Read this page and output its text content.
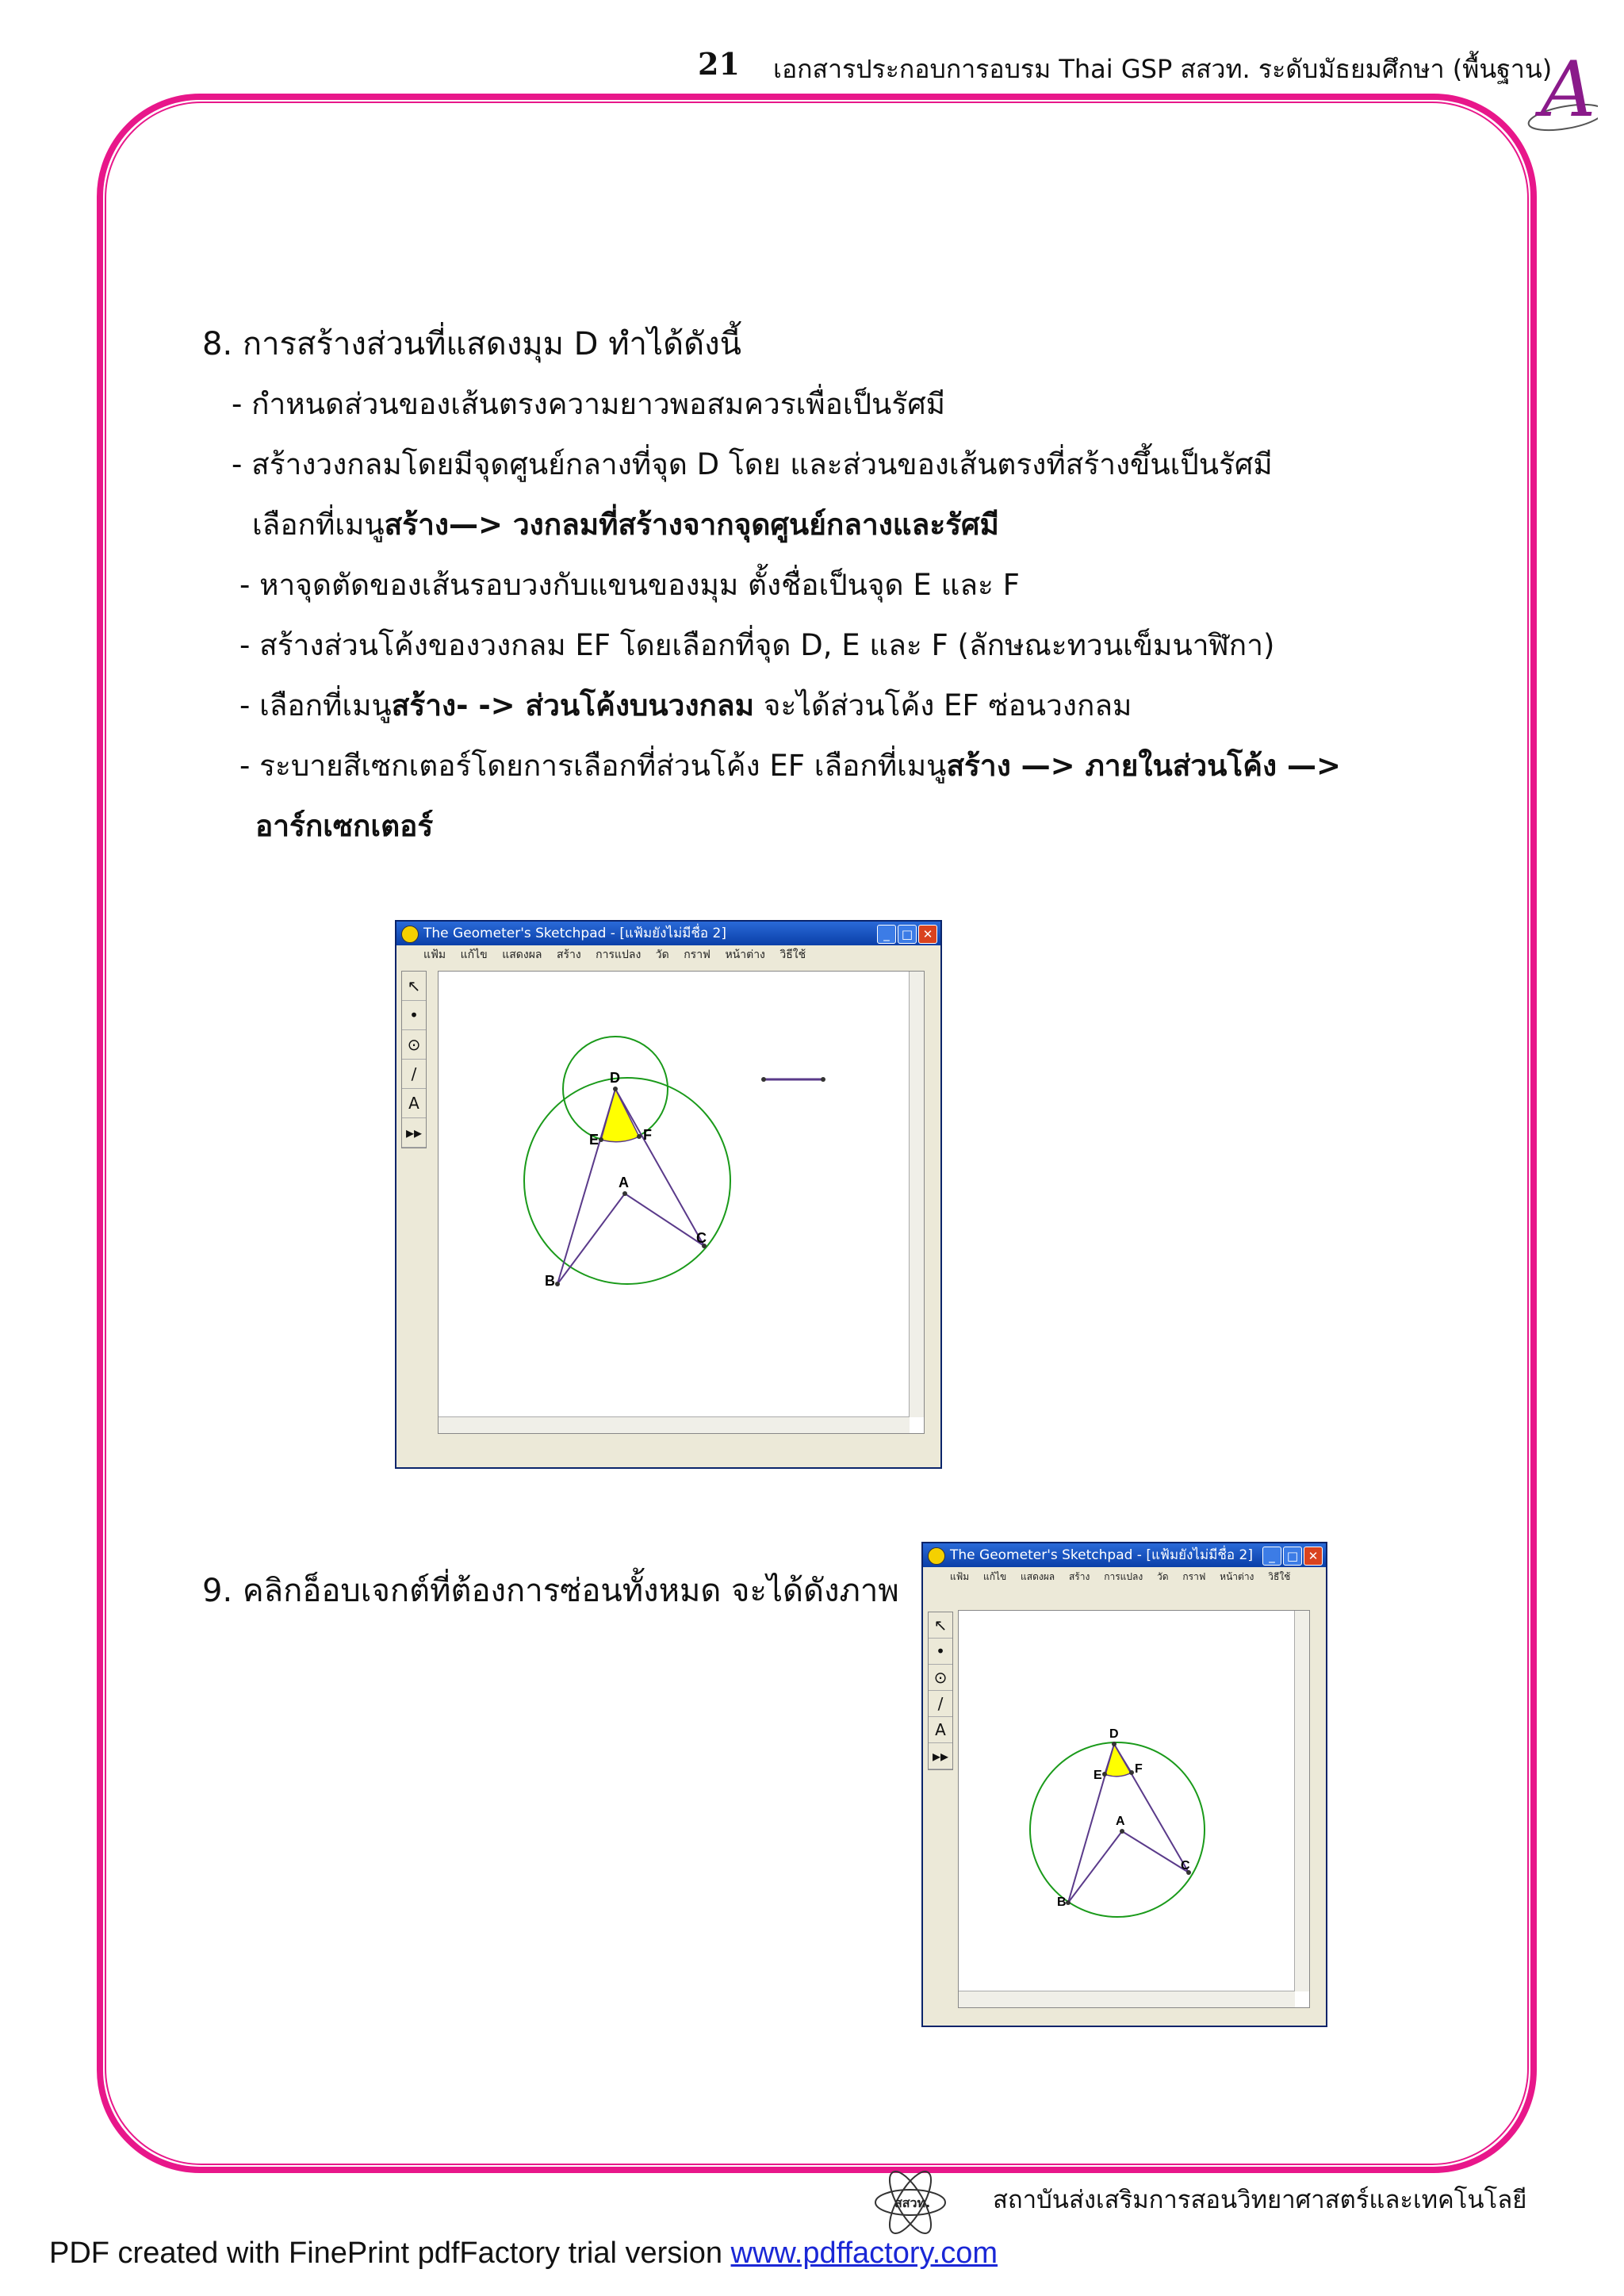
21 เอกสารประกอบการอบรม Thai GSP สสวท. ระดับมัธยมศึกษา (พื้นฐาน)
A
8. การสร้างส่วนที่แสดงมุม D ทำได้ดังนี้
- กำหนดส่วนของเส้นตรงความยาวพอสมควรเพื่อเป็นรัศมี
- สร้างวงกลมโดยมีจุดศูนย์กลางที่จุด D โดย และส่วนของเส้นตรงที่สร้างขึ้นเป็นรัศมี
เลือกที่เมนูสร้าง—> วงกลมที่สร้างจากจุดศูนย์กลางและรัศมี
- หาจุดตัดของเส้นรอบวงกับแขนของมุม ตั้งชื่อเป็นจุด E และ F
- สร้างส่วนโค้งของวงกลม EF โดยเลือกที่จุด D, E และ F (ลักษณะทวนเข็มนาฬิกา)
- เลือกที่เมนูสร้าง- -> ส่วนโค้งบนวงกลม จะได้ส่วนโค้ง EF ซ่อนวงกลม
- ระบายสีเซกเตอร์โดยการเลือกที่ส่วนโค้ง EF เลือกที่เมนูสร้าง —> ภายในส่วนโค้ง —>
อาร์กเซกเตอร์
The Geometer's Sketchpad - [แฟ้มยังไม่มีชื่อ 2]	_	□ ✕
แฟ้ม แก้ไข แสดงผล สร้าง การแปลง วัด กราฟ หน้าต่าง วิธีใช้
↖
•
⊙
/
A
▸▸
D
E	F
A
B
C
9. คลิกอ็อบเจกต์ที่ต้องการซ่อนทั้งหมด จะได้ดังภาพ
The Geometer's Sketchpad - [แฟ้มยังไม่มีชื่อ 2]	_	□ ✕
แฟ้ม แก้ไข แสดงผล สร้าง การแปลง วัด กราฟ หน้าต่าง วิธีใช้
↖
•
⊙
/
A
▸▸
D
E	F
A
B
C
สสวท.	สถาบันส่งเสริมการสอนวิทยาศาสตร์และเทคโนโลยี
PDF created with FinePrint pdfFactory trial version www.pdffactory.com
